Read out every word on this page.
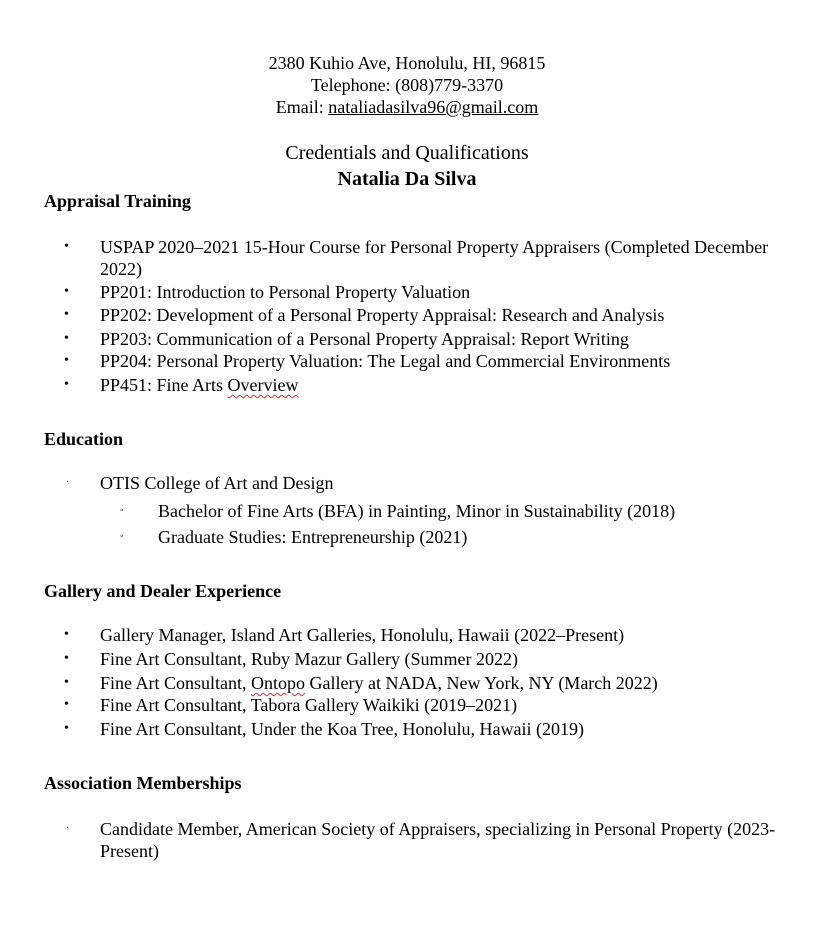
2380 Kuhio Ave, Honolulu, HI, 96815
Telephone: (808)779-3370
Email: nataliadasilva96@gmail.com
Credentials and Qualifications
Natalia Da Silva
Appraisal Training
• USPAP 2020–2021 15-Hour Course for Personal Property Appraisers (Completed December 2022)
• PP201: Introduction to Personal Property Valuation
• PP202: Development of a Personal Property Appraisal: Research and Analysis
• PP203: Communication of a Personal Property Appraisal: Report Writing
• PP204: Personal Property Valuation: The Legal and Commercial Environments
• PP451: Fine Arts Overview
Education
· OTIS College of Art and Design
◦ Bachelor of Fine Arts (BFA) in Painting, Minor in Sustainability (2018)
◦ Graduate Studies: Entrepreneurship (2021)
Gallery and Dealer Experience
• Gallery Manager, Island Art Galleries, Honolulu, Hawaii (2022–Present)
• Fine Art Consultant, Ruby Mazur Gallery (Summer 2022)
• Fine Art Consultant, Ontopo Gallery at NADA, New York, NY (March 2022)
• Fine Art Consultant, Tabora Gallery Waikiki (2019–2021)
• Fine Art Consultant, Under the Koa Tree, Honolulu, Hawaii (2019)
Association Memberships
· Candidate Member, American Society of Appraisers, specializing in Personal Property (2023-Present)
